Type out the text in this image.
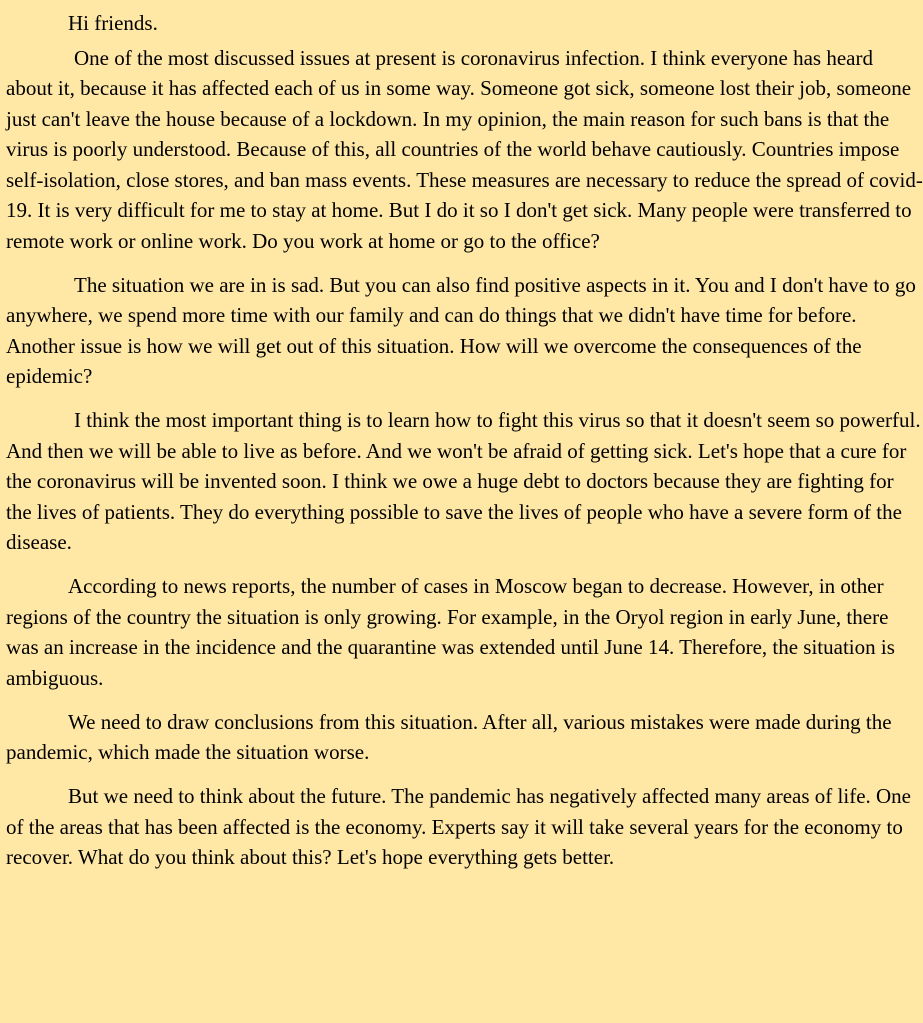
Hi friends.

One of the most discussed issues at present is coronavirus infection. I think everyone has heard about it, because it has affected each of us in some way. Someone got sick, someone lost their job, someone just can't leave the house because of a lockdown. In my opinion, the main reason for such bans is that the virus is poorly understood. Because of this, all countries of the world behave cautiously. Countries impose self-isolation, close stores, and ban mass events. These measures are necessary to reduce the spread of covid-19. It is very difficult for me to stay at home. But I do it so I don't get sick. Many people were transferred to remote work or online work. Do you work at home or go to the office?

The situation we are in is sad. But you can also find positive aspects in it. You and I don't have to go anywhere, we spend more time with our family and can do things that we didn't have time for before. Another issue is how we will get out of this situation. How will we overcome the consequences of the epidemic?

I think the most important thing is to learn how to fight this virus so that it doesn't seem so powerful. And then we will be able to live as before. And we won't be afraid of getting sick. Let's hope that a cure for the coronavirus will be invented soon. I think we owe a huge debt to doctors because they are fighting for the lives of patients. They do everything possible to save the lives of people who have a severe form of the disease.

According to news reports, the number of cases in Moscow began to decrease. However, in other regions of the country the situation is only growing. For example, in the Oryol region in early June, there was an increase in the incidence and the quarantine was extended until June 14. Therefore, the situation is ambiguous.

We need to draw conclusions from this situation. After all, various mistakes were made during the pandemic, which made the situation worse.

But we need to think about the future. The pandemic has negatively affected many areas of life. One of the areas that has been affected is the economy. Experts say it will take several years for the economy to recover. What do you think about this? Let's hope everything gets better.
